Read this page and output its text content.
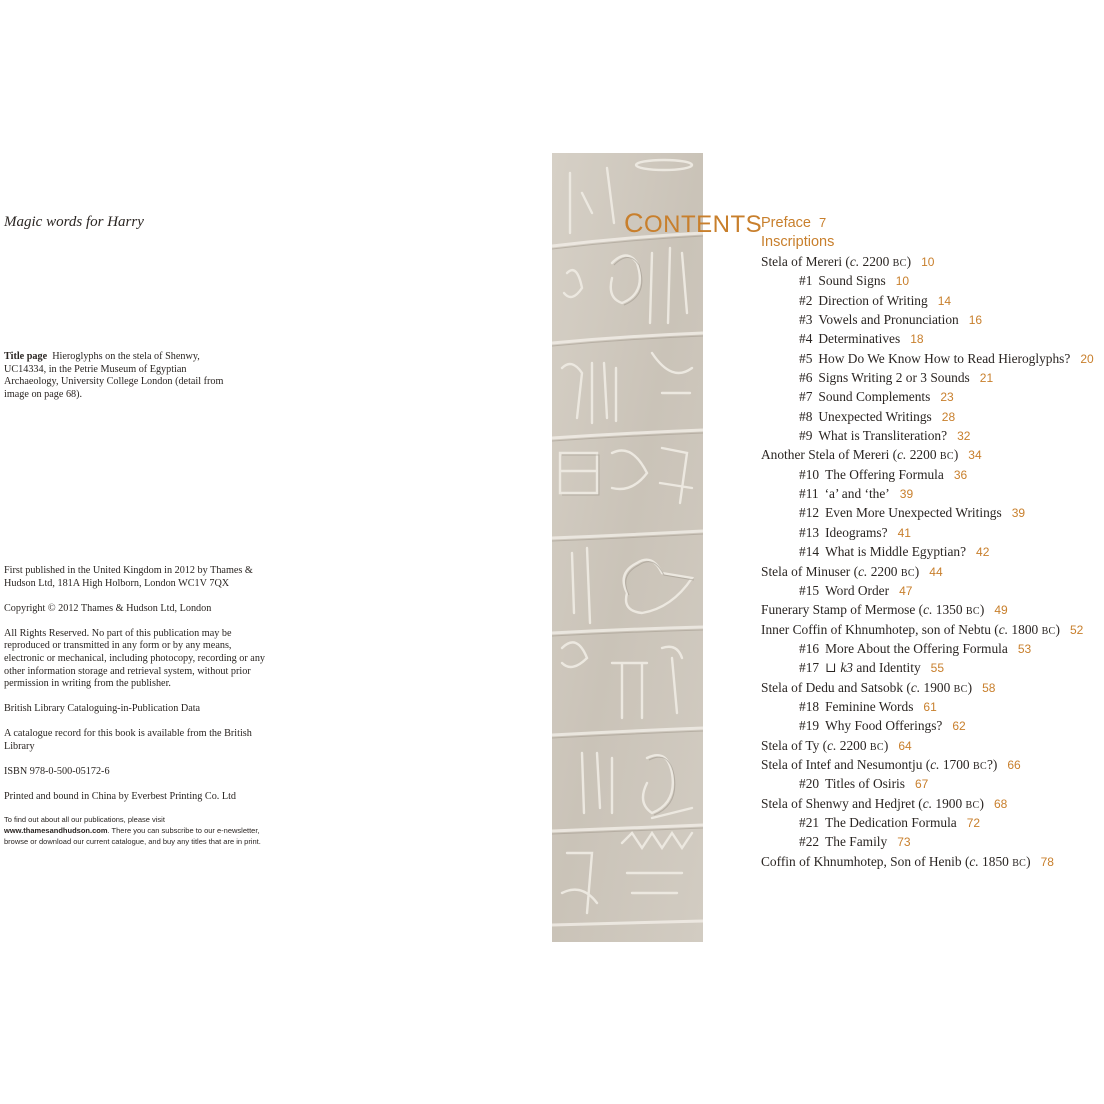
Magic words for Harry
Title page Hieroglyphs on the stela of Shenwy, UC14334, in the Petrie Museum of Egyptian Archaeology, University College London (detail from image on page 68).

First published in the United Kingdom in 2012 by Thames & Hudson Ltd, 181A High Holborn, London WC1V 7QX

Copyright © 2012 Thames & Hudson Ltd, London

All Rights Reserved. No part of this publication may be reproduced or transmitted in any form or by any means, electronic or mechanical, including photocopy, recording or any other information storage and retrieval system, without prior permission in writing from the publisher.

British Library Cataloguing-in-Publication Data

A catalogue record for this book is available from the British Library

ISBN 978-0-500-05172-6

Printed and bound in China by Everbest Printing Co. Ltd

To find out about all our publications, please visit
www.thamesandhudson.com. There you can subscribe to our e-newsletter, browse or download our current catalogue, and buy any titles that are in print.

CONTENTS
Preface 7
Inscriptions
Stela of Mereri (c. 2200 BC) 10
#1 Sound Signs 10
#2 Direction of Writing 14
#3 Vowels and Pronunciation 16
#4 Determinatives 18
#5 How Do We Know How to Read Hieroglyphs? 20
#6 Signs Writing 2 or 3 Sounds 21
#7 Sound Complements 23
#8 Unexpected Writings 28
#9 What is Transliteration? 32
Another Stela of Mereri (c. 2200 BC) 34
#10 The Offering Formula 36
#11 ‘a’ and ‘the’ 39
#12 Even More Unexpected Writings 39
#13 Ideograms? 41
#14 What is Middle Egyptian? 42
Stela of Minuser (c. 2200 BC) 44
#15 Word Order 47
Funerary Stamp of Mermose (c. 1350 BC) 49
Inner Coffin of Khnumhotep, son of Nebtu (c. 1800 BC) 52
#16 More About the Offering Formula 53
#17 ⊔ k3 and Identity 55
Stela of Dedu and Satsobk (c. 1900 BC) 58
#18 Feminine Words 61
#19 Why Food Offerings? 62
Stela of Ty (c. 2200 BC) 64
Stela of Intef and Nesumontju (c. 1700 BC?) 66
#20 Titles of Osiris 67
Stela of Shenwy and Hedjret (c. 1900 BC) 68
#21 The Dedication Formula 72
#22 The Family 73
Coffin of Khnumhotep, Son of Henib (c. 1850 BC) 78
